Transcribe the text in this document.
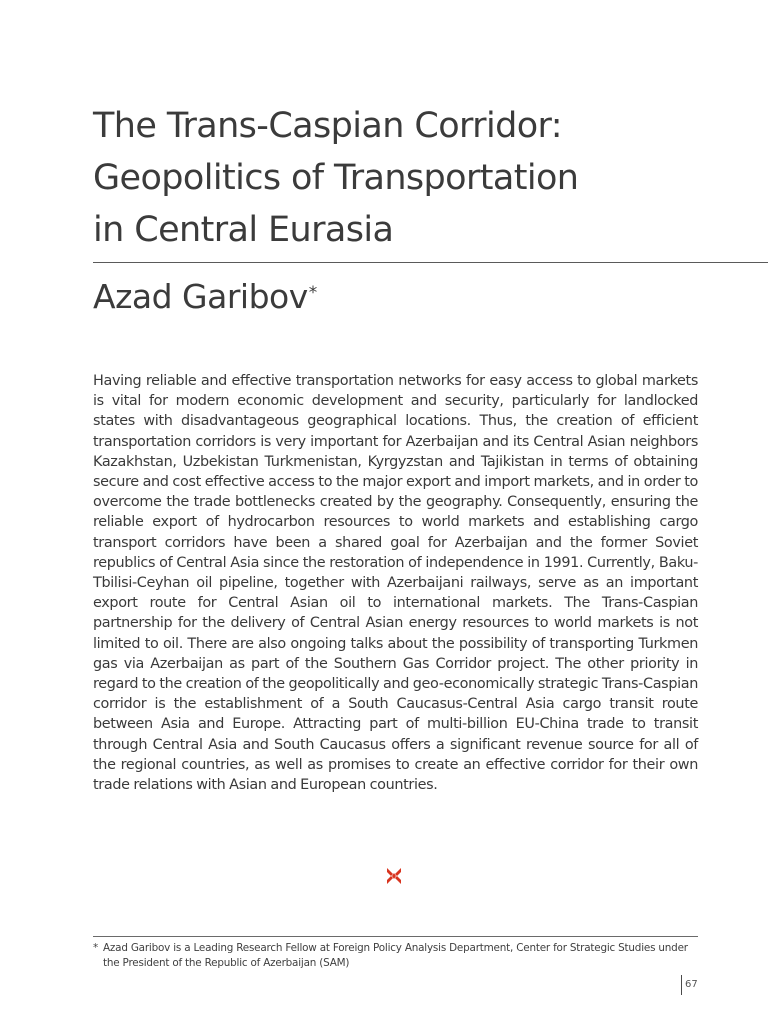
The Trans-Caspian Corridor:
Geopolitics of Transportation
in Central Eurasia
Azad Garibov*

Having reliable and effective transportation networks for easy access to global markets is vital for modern economic development and security, particularly for landlocked states with disadvantageous geographical locations. Thus, the creation of efficient transportation corridors is very important for Azerbaijan and its Central Asian neighbors Kazakhstan, Uzbekistan Turkmenistan, Kyrgyzstan and Tajikistan in terms of obtaining secure and cost effective access to the major export and import markets, and in order to overcome the trade bottlenecks created by the geography. Consequently, ensuring the reliable export of hydrocarbon resources to world markets and establishing cargo transport corridors have been a shared goal for Azerbaijan and the former Soviet republics of Central Asia since the restoration of independence in 1991. Currently, Baku-Tbilisi-Ceyhan oil pipeline, together with Azerbaijani railways, serve as an important export route for Central Asian oil to international markets. The Trans-Caspian partnership for the delivery of Central Asian energy resources to world markets is not limited to oil. There are also ongoing talks about the possibility of transporting Turkmen gas via Azerbaijan as part of the Southern Gas Corridor project. The other priority in regard to the creation of the geopolitically and geo-economically strategic Trans-Caspian corridor is the establishment of a South Caucasus-Central Asia cargo transit route between Asia and Europe. Attracting part of multi-billion EU-China trade to transit through Central Asia and South Caucasus offers a significant revenue source for all of the regional countries, as well as promises to create an effective corridor for their own trade relations with Asian and European countries.

* Azad Garibov is a Leading Research Fellow at Foreign Policy Analysis Department, Center for Strategic Studies under the President of the Republic of Azerbaijan (SAM)
67
